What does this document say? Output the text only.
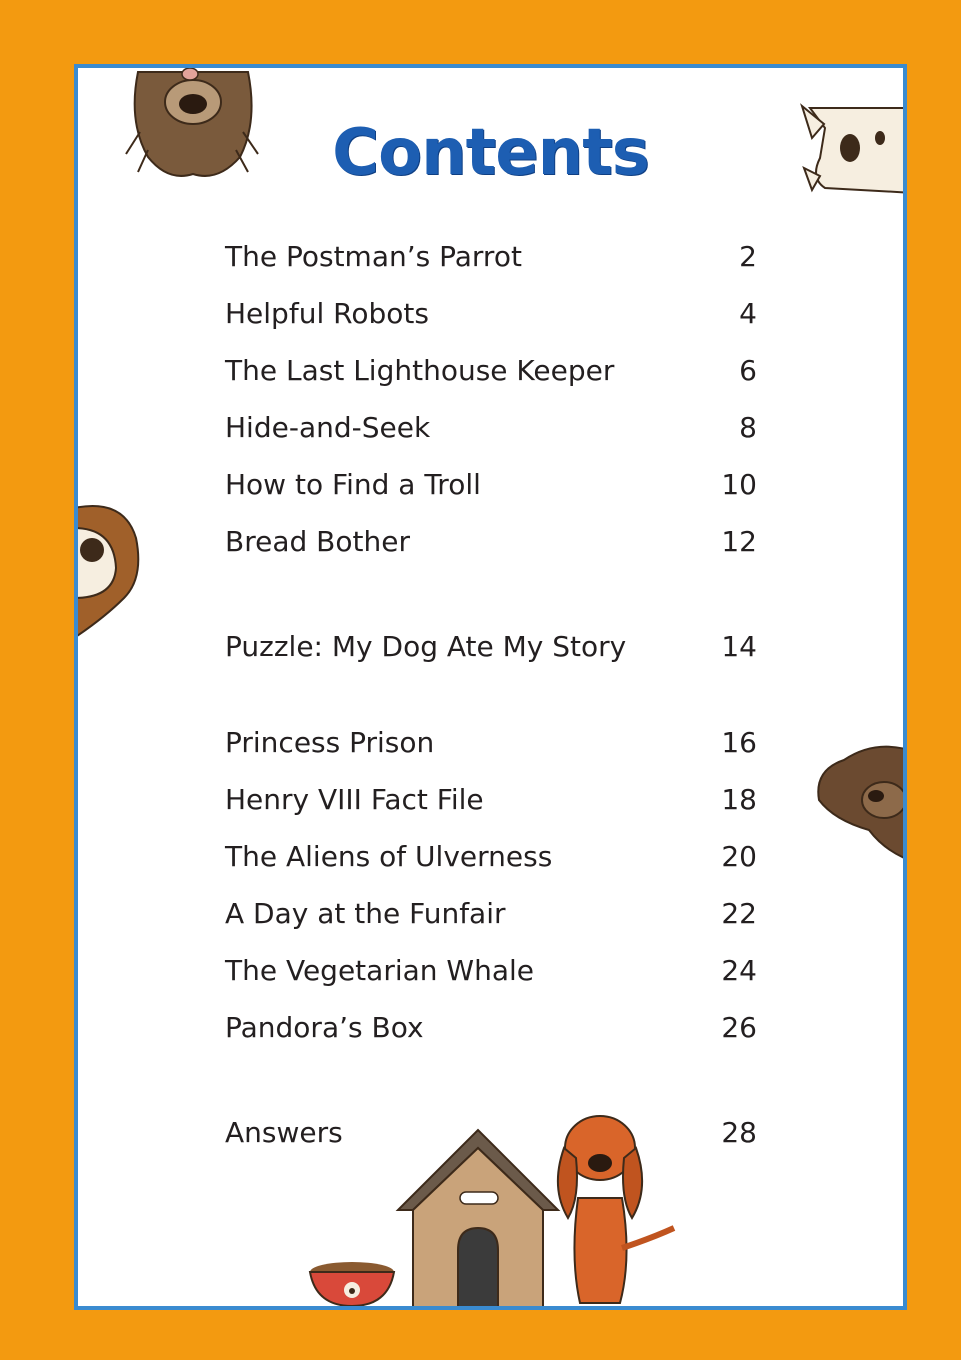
Contents
The Postman’s Parrot	2
Helpful Robots	4
The Last Lighthouse Keeper	6
Hide-and-Seek	8
How to Find a Troll	10
Bread Bother	12
Puzzle: My Dog Ate My Story	14
Princess Prison	16
Henry VIII Fact File	18
The Aliens of Ulverness	20
A Day at the Funfair	22
The Vegetarian Whale	24
Pandora’s Box	26
Answers	28
